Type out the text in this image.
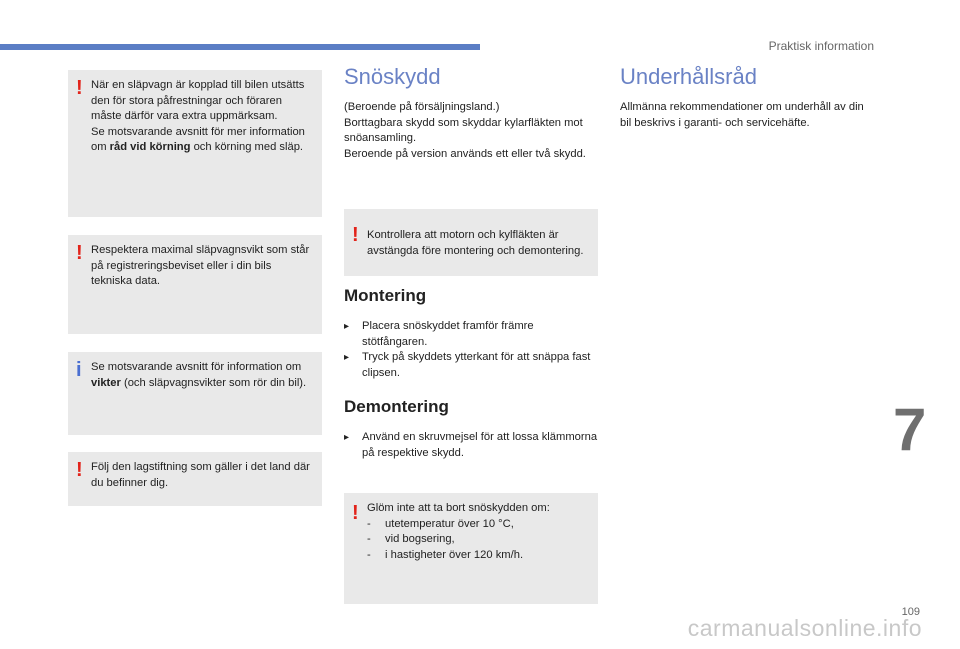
Praktisk information
! När en släpvagn är kopplad till bilen utsätts den för stora påfrestningar och föraren måste därför vara extra uppmärksam.

Se motsvarande avsnitt för mer information om råd vid körning och körning med släp.

! Respektera maximal släpvagnsvikt som står på registreringsbeviset eller i din bils tekniska data.

i Se motsvarande avsnitt för information om vikter (och släpvagnsvikter som rör din bil).

! Följ den lagstiftning som gäller i det land där du befinner dig.

Snöskydd

(Beroende på försäljningsland.)

Borttagbara skydd som skyddar kylarfläkten mot snöansamling.

Beroende på version används ett eller två skydd.

! Kontrollera att motorn och kylfläkten är avstängda före montering och demontering.

Montering
▸ Placera snöskyddet framför främre stötfångaren.
▸ Tryck på skyddets ytterkant för att snäppa fast clipsen.
Demontering
▸ Använd en skruvmejsel för att lossa klämmorna på respektive skydd.
! Glöm inte att ta bort snöskydden om:

- utetemperatur över 10 °C,
- vid bogsering,
- i hastigheter över 120 km/h.
Underhållsråd

Allmänna rekommendationer om underhåll av din bil beskrivs i garanti- och servicehäfte.

7
109
carmanualsonline.info
